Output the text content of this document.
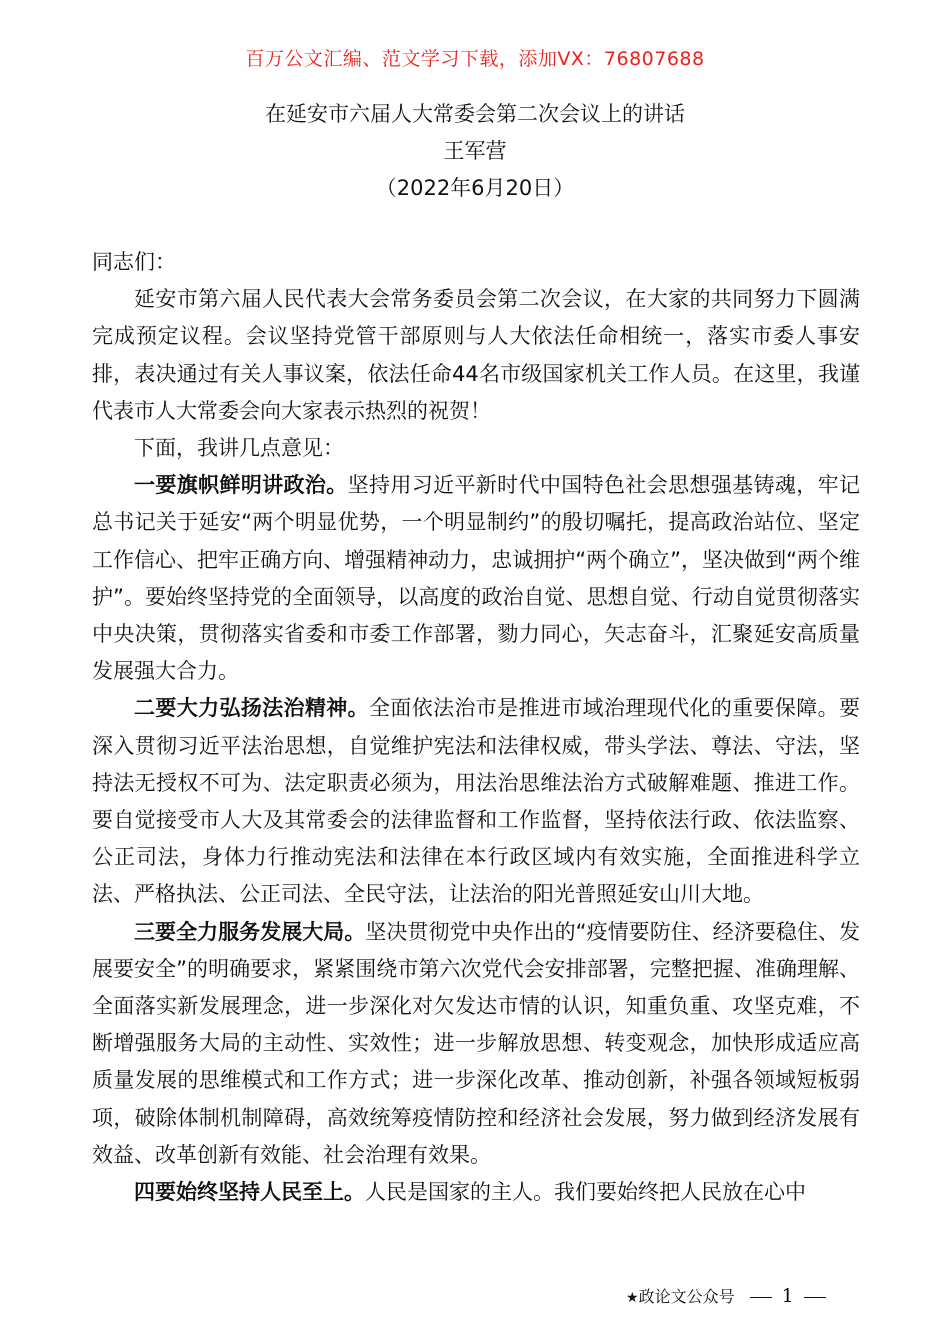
百万公文汇编、范文学习下载，添加VX：76807688
在延安市六届人大常委会第二次会议上的讲话
王军营
（2022年6月20日）

同志们：

延安市第六届人民代表大会常务委员会第二次会议，在大家的共同努力下圆满完成预定议程。会议坚持党管干部原则与人大依法任命相统一，落实市委人事安排，表决通过有关人事议案，依法任命44名市级国家机关工作人员。在这里，我谨代表市人大常委会向大家表示热烈的祝贺！

下面，我讲几点意见：

一要旗帜鲜明讲政治。坚持用习近平新时代中国特色社会思想强基铸魂，牢记总书记关于延安“两个明显优势，一个明显制约”的殷切嘱托，提高政治站位、坚定工作信心、把牢正确方向、增强精神动力，忠诚拥护“两个确立”，坚决做到“两个维护”。要始终坚持党的全面领导，以高度的政治自觉、思想自觉、行动自觉贯彻落实中央决策，贯彻落实省委和市委工作部署，勠力同心，矢志奋斗，汇聚延安高质量发展强大合力。

二要大力弘扬法治精神。全面依法治市是推进市域治理现代化的重要保障。要深入贯彻习近平法治思想，自觉维护宪法和法律权威，带头学法、尊法、守法，坚持法无授权不可为、法定职责必须为，用法治思维法治方式破解难题、推进工作。要自觉接受市人大及其常委会的法律监督和工作监督，坚持依法行政、依法监察、公正司法，身体力行推动宪法和法律在本行政区域内有效实施，全面推进科学立法、严格执法、公正司法、全民守法，让法治的阳光普照延安山川大地。

三要全力服务发展大局。坚决贯彻党中央作出的“疫情要防住、经济要稳住、发展要安全”的明确要求，紧紧围绕市第六次党代会安排部署，完整把握、准确理解、全面落实新发展理念，进一步深化对欠发达市情的认识，知重负重、攻坚克难，不断增强服务大局的主动性、实效性；进一步解放思想、转变观念，加快形成适应高质量发展的思维模式和工作方式；进一步深化改革、推动创新，补强各领域短板弱项，破除体制机制障碍，高效统筹疫情防控和经济社会发展，努力做到经济发展有效益、改革创新有效能、社会治理有效果。

四要始终坚持人民至上。人民是国家的主人。我们要始终把人民放在心中

★政论文公众号 1
